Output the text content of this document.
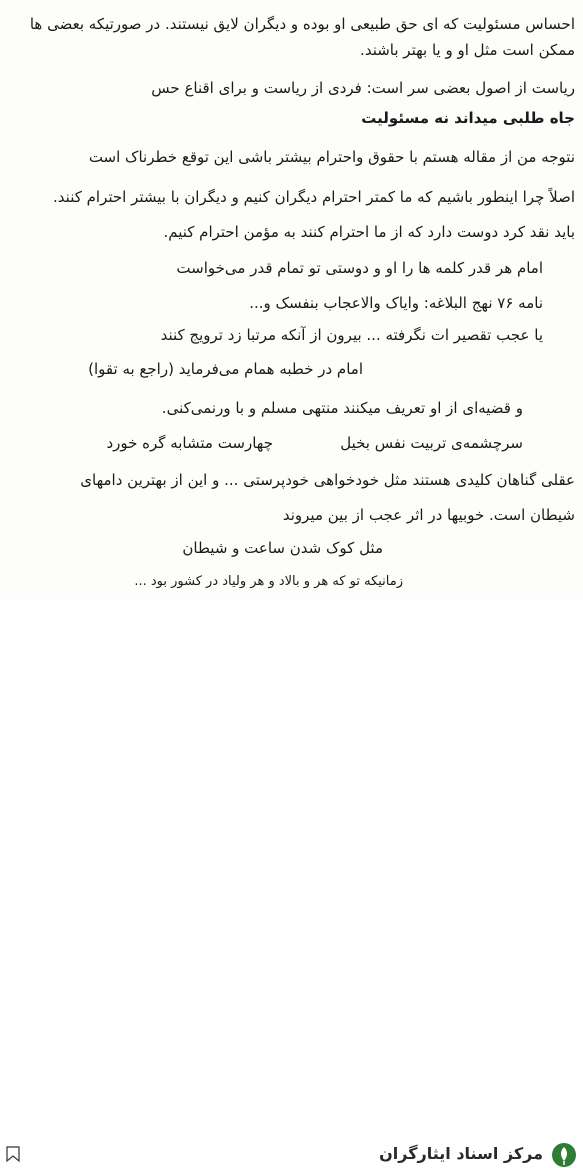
احساس مسئولیت که ای حق طبیعی او بوده و دیگران لایق نیستند. در صورتیکه بعضی ها
ممکن است مثل او و یا بهتر باشند.
ریاست از اصول بعضی سر است: فردی از ریاست و برای اقناع حس
جاه طلبی میداند نه مسئولیت
نتوجه من از مقاله هستم با حقوق واحترام بیشتر باشی این توقع خطرناک است
اصلاً چرا اینطور باشیم که ما کمتر احترام دیگران کنیم و دیگران با بیشتر احترام کنند.
باید نقد کرد دوست دارد که از ما احترام کنند به مؤمن احترام کنیم.
امام هر قدر کلمه ها را او و دوستی تو تمام قدر می‌خواست
نامه ۷۶ نهج البلاغه: وایاک والاعجاب بنفسک و...
یا عجب تقصیر ات نگرفته ... بیرون از آنکه مرتبا زد ترویج کنند
امام در خطبه همام می‌فرماید (راجع به تقوا)
و قضیه‌ای از او تعریف میکنند منتهی مسلم و با ورنمی‌کنی.
سرچشمه‌ی تربیت نفس بخیل
چهارست متشابه گره خورد
عقلی گناهان کلیدی هستند مثل خودخواهی خودپرستی ... و این از بهترین دامهای
شیطان است. خوبیها در اثر عجب از بین میروند
مثل کوک شدن ساعت و شیطان
زمانیکه تو که هر و بالاد و هر ولیاد در کشور بود ...
مرکز اسناد ایثارگران
